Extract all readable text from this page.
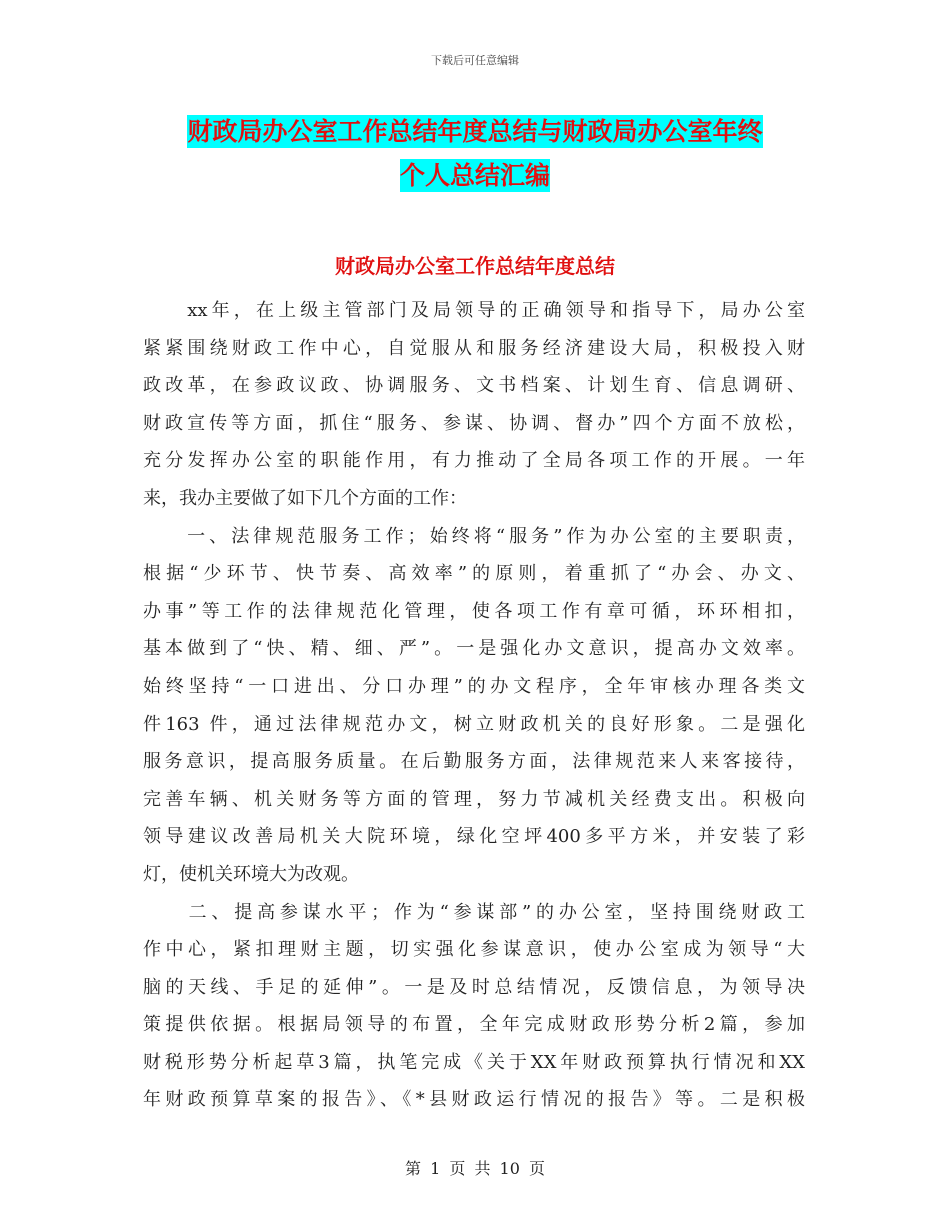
下载后可任意编辑
财政局办公室工作总结年度总结与财政局办公室年终
个人总结汇编
财政局办公室工作总结年度总结
　　xx年，在上级主管部门及局领导的正确领导和指导下，局办公室
紧紧围绕财政工作中心，自觉服从和服务经济建设大局，积极投入财
政改革，在参政议政、协调服务、文书档案、计划生育、信息调研、
财政宣传等方面，抓住“服务、参谋、协调、督办”四个方面不放松，
充分发挥办公室的职能作用，有力推动了全局各项工作的开展。一年
来，我办主要做了如下几个方面的工作：
　　一、法律规范服务工作；始终将“服务”作为办公室的主要职责，
根据“少环节、快节奏、高效率”的原则，着重抓了“办会、办文、
办事”等工作的法律规范化管理，使各项工作有章可循，环环相扣，
基本做到了“快、精、细、严”。一是强化办文意识，提高办文效率。
始终坚持“一口进出、分口办理”的办文程序，全年审核办理各类文
件163 件，通过法律规范办文，树立财政机关的良好形象。二是强化
服务意识，提高服务质量。在后勤服务方面，法律规范来人来客接待，
完善车辆、机关财务等方面的管理，努力节减机关经费支出。积极向
领导建议改善局机关大院环境，绿化空坪400多平方米，并安装了彩
灯，使机关环境大为改观。
　　二、提高参谋水平；作为“参谋部”的办公室，坚持围绕财政工
作中心，紧扣理财主题，切实强化参谋意识，使办公室成为领导“大
脑的天线、手足的延伸”。一是及时总结情况，反馈信息，为领导决
策提供依据。根据局领导的布置，全年完成财政形势分析2篇，参加
财税形势分析起草3篇，执笔完成《关于XX年财政预算执行情况和XX
年财政预算草案的报告》、《*县财政运行情况的报告》等。二是积极
第 1 页 共 10 页
